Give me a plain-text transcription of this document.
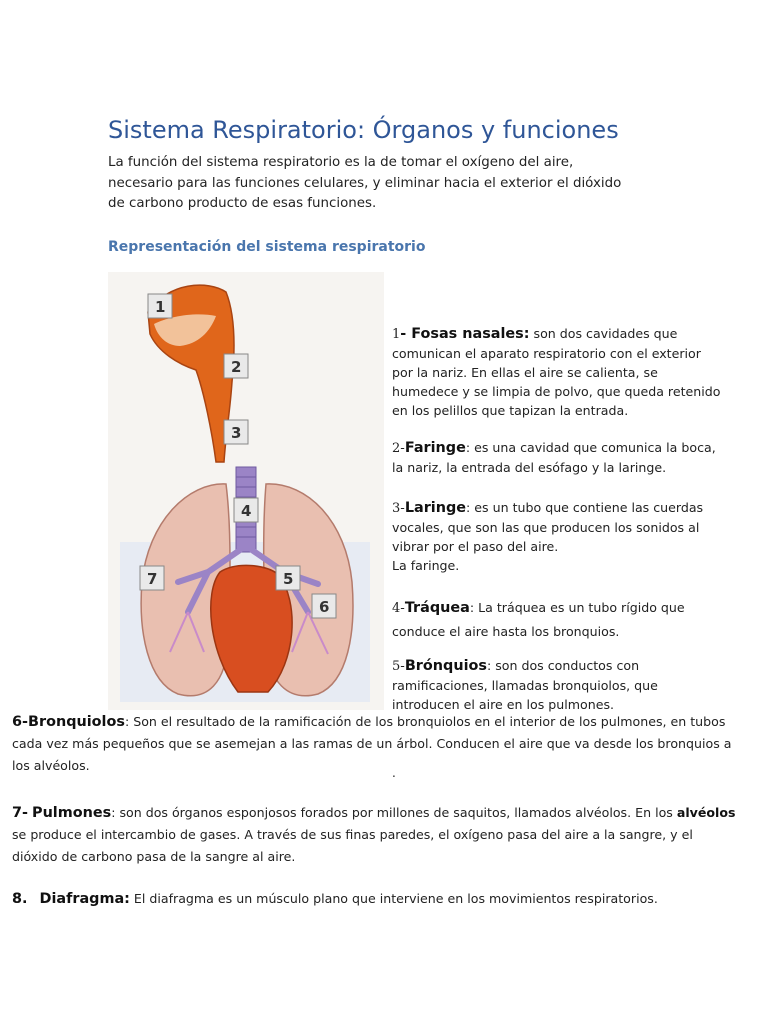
Sistema Respiratorio: Órganos y funciones
La función del sistema respiratorio es la de tomar el oxígeno del aire,
necesario para las funciones celulares, y eliminar hacia el exterior el dióxido
de carbono producto de esas funciones.
Representación del sistema respiratorio
1
2
3
4
5
6
7
1- Fosas nasales: son dos cavidades que
comunican el aparato respiratorio con el exterior
por la nariz. En ellas el aire se calienta, se
humedece y se limpia de polvo, que queda retenido
en los pelillos que tapizan la entrada.
2-Faringe: es una cavidad que comunica la boca,
la nariz, la entrada del esófago y la laringe.
3-Laringe: es un tubo que contiene las cuerdas
vocales, que son las que producen los sonidos al
vibrar por el paso del aire.
La faringe.
4-Tráquea: La tráquea es un tubo rígido que
conduce el aire hasta los bronquios.
5-Brónquios: son dos conductos con
ramificaciones, llamadas bronquiolos, que
introducen el aire en los pulmones.
6-Bronquiolos: Son el resultado de la ramificación de los bronquiolos en el interior de los pulmones, en tubos
cada vez más pequeños que se asemejan a las ramas de un árbol. Conducen el aire que va desde los bronquios a
los alvéolos.	.
7- Pulmones: son dos órganos esponjosos forados por millones de saquitos, llamados alvéolos. En los alvéolos
se produce el intercambio de gases. A través de sus finas paredes, el oxígeno pasa del aire a la sangre, y el
dióxido de carbono pasa de la sangre al aire.
8. Diafragma: El diafragma es un músculo plano que interviene en los movimientos respiratorios.
